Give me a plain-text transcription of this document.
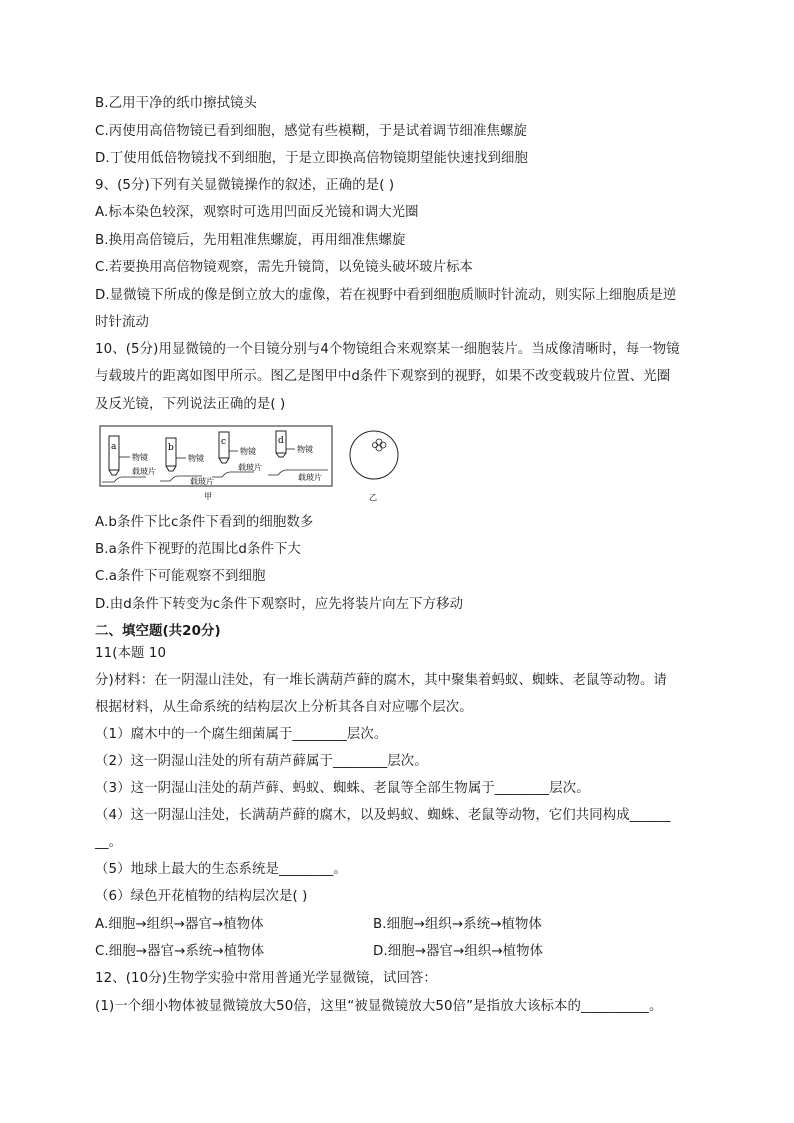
B.乙用干净的纸巾擦拭镜头
C.丙使用高倍物镜已看到细胞，感觉有些模糊，于是试着调节细准焦螺旋
D.丁使用低倍物镜找不到细胞，于是立即换高倍物镜期望能快速找到细胞
9、(5分)下列有关显微镜操作的叙述，正确的是( )
A.标本染色较深，观察时可选用凹面反光镜和调大光圈
B.换用高倍镜后，先用粗准焦螺旋，再用细准焦螺旋
C.若要换用高倍物镜观察，需先升镜筒，以免镜头破坏玻片标本
D.显微镜下所成的像是倒立放大的虚像，若在视野中看到细胞质顺时针流动，则实际上细胞质是逆
时针流动
10、(5分)用显微镜的一个目镜分别与4个物镜组合来观察某一细胞装片。当成像清晰时，每一物镜
与载玻片的距离如图甲所示。图乙是图甲中d条件下观察到的视野，如果不改变载玻片位置、光圈
及反光镜，下列说法正确的是( )
a
物镜
载玻片
b
物镜
载玻片
c
物镜
载玻片
d
物镜
载玻片
甲	乙
A.b条件下比c条件下看到的细胞数多
B.a条件下视野的范围比d条件下大
C.a条件下可能观察不到细胞
D.由d条件下转变为c条件下观察时，应先将装片向左下方移动
二、填空题(共20分)
11(本题 10
分)材料：在一阴湿山洼处，有一堆长满葫芦藓的腐木，其中聚集着蚂蚁、蜘蛛、老鼠等动物。请
根据材料，从生命系统的结构层次上分析其各自对应哪个层次。
（1）腐木中的一个腐生细菌属于________层次。
（2）这一阴湿山洼处的所有葫芦藓属于________层次。
（3）这一阴湿山洼处的葫芦藓、蚂蚁、蜘蛛、老鼠等全部生物属于________层次。
（4）这一阴湿山洼处，长满葫芦藓的腐木，以及蚂蚁、蜘蛛、老鼠等动物，它们共同构成______
__。
（5）地球上最大的生态系统是________。
（6）绿色开花植物的结构层次是( )
A.细胞→组织→器官→植物体	B.细胞→组织→系统→植物体
C.细胞→器官→系统→植物体	D.细胞→器官→组织→植物体
12、(10分)生物学实验中常用普通光学显微镜，试回答：
(1)一个细小物体被显微镜放大50倍，这里“被显微镜放大50倍”是指放大该标本的__________。
